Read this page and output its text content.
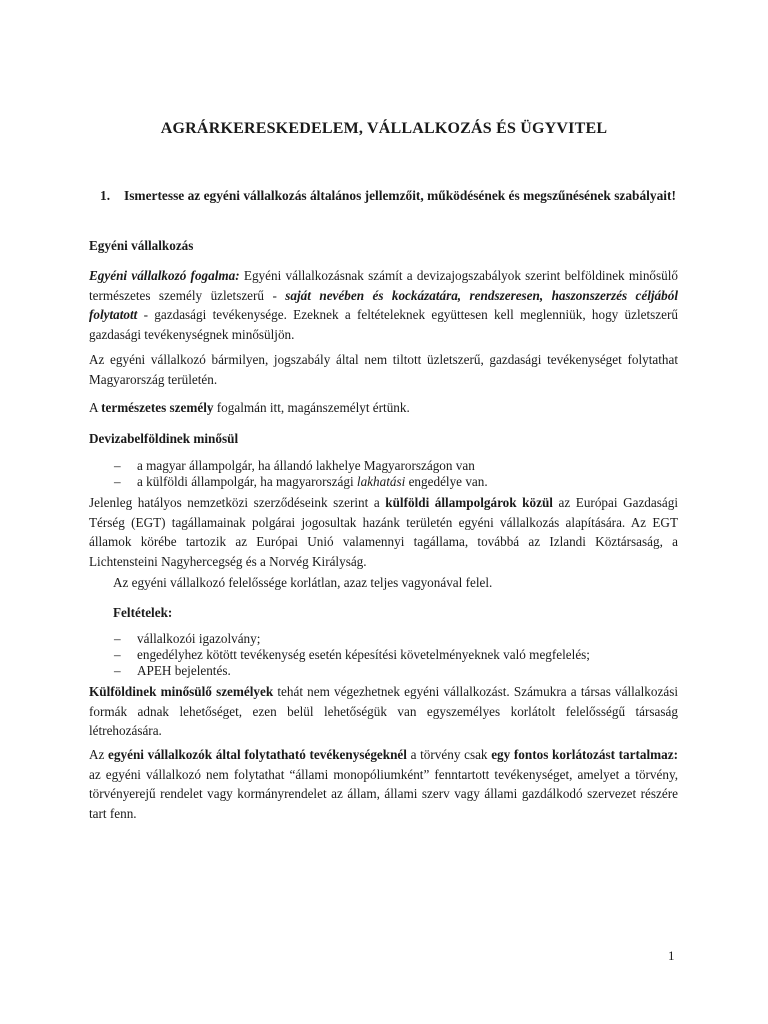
AGRÁRKERESKEDELEM, VÁLLALKOZÁS ÉS ÜGYVITEL
1.	Ismertesse az egyéni vállalkozás általános jellemzőit, működésének és megszűnésének szabályait!
Egyéni vállalkozás
Egyéni vállalkozó fogalma: Egyéni vállalkozásnak számít a devizajogszabályok szerint belföldinek minősülő természetes személy üzletszerű - saját nevében és kockázatára, rendszeresen, haszonszerzés céljából folytatott - gazdasági tevékenysége. Ezeknek a feltételeknek együttesen kell meglenniük, hogy üzletszerű gazdasági tevékenységnek minősüljön.
Az egyéni vállalkozó bármilyen, jogszabály által nem tiltott üzletszerű, gazdasági tevékenységet folytathat Magyarország területén.
A természetes személy fogalmán itt, magánszemélyt értünk.
Devizabelföldinek minősül
–	a magyar állampolgár, ha állandó lakhelye Magyarországon van
–	a külföldi állampolgár, ha magyarországi lakhatási engedélye van.
Jelenleg hatályos nemzetközi szerződéseink szerint a külföldi állampolgárok közül az Európai Gazdasági Térség (EGT) tagállamainak polgárai jogosultak hazánk területén egyéni vállalkozás alapítására. Az EGT államok körébe tartozik az Európai Unió valamennyi tagállama, továbbá az Izlandi Köztársaság, a Lichtensteini Nagyhercegség és a Norvég Királyság.
Az egyéni vállalkozó felelőssége korlátlan, azaz teljes vagyonával felel.
Feltételek:
–	vállalkozói igazolvány;
–	engedélyhez kötött tevékenység esetén képesítési követelményeknek való megfelelés;
–	APEH bejelentés.
Külföldinek minősülő személyek tehát nem végezhetnek egyéni vállalkozást. Számukra a társas vállalkozási formák adnak lehetőséget, ezen belül lehetőségük van egyszemélyes korlátolt felelősségű társaság létrehozására.
Az egyéni vállalkozók által folytatható tevékenységeknél a törvény csak egy fontos korlátozást tartalmaz: az egyéni vállalkozó nem folytathat “állami monopóliumként” fenntartott tevékenységet, amelyet a törvény, törvényerejű rendelet vagy kormányrendelet az állam, állami szerv vagy állami gazdálkodó szervezet részére tart fenn.
1
